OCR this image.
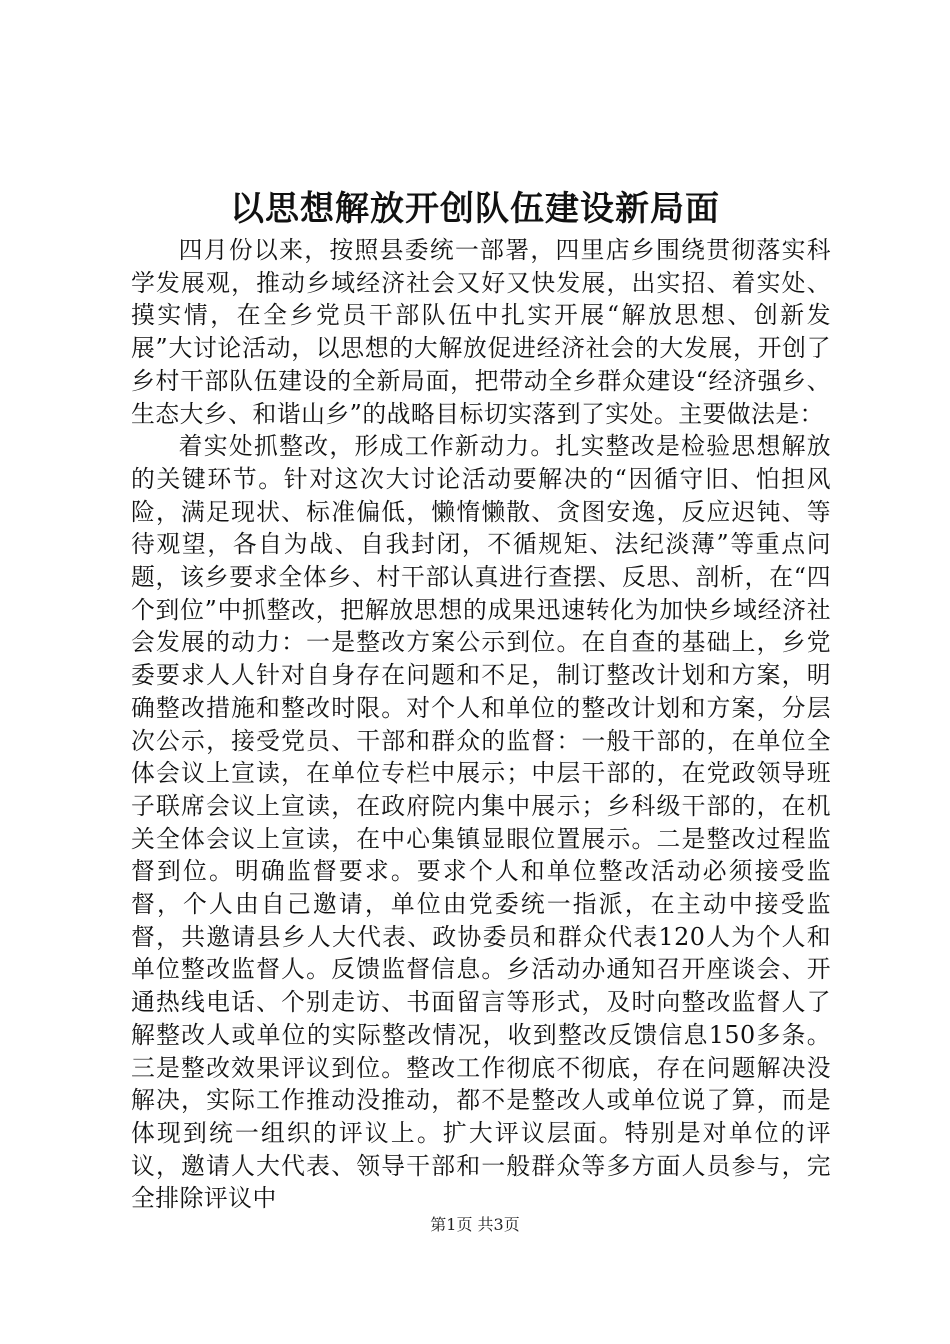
以思想解放开创队伍建设新局面

四月份以来，按照县委统一部署，四里店乡围绕贯彻落实科学发展观，推动乡域经济社会又好又快发展，出实招、着实处、摸实情，在全乡党员干部队伍中扎实开展“解放思想、创新发展”大讨论活动，以思想的大解放促进经济社会的大发展，开创了乡村干部队伍建设的全新局面，把带动全乡群众建设“经济强乡、生态大乡、和谐山乡”的战略目标切实落到了实处。主要做法是：

着实处抓整改，形成工作新动力。扎实整改是检验思想解放的关键环节。针对这次大讨论活动要解决的“因循守旧、怕担风险，满足现状、标准偏低，懒惰懒散、贪图安逸，反应迟钝、等待观望，各自为战、自我封闭，不循规矩、法纪淡薄”等重点问题，该乡要求全体乡、村干部认真进行查摆、反思、剖析，在“四个到位”中抓整改，把解放思想的成果迅速转化为加快乡域经济社会发展的动力：一是整改方案公示到位。在自查的基础上，乡党委要求人人针对自身存在问题和不足，制订整改计划和方案，明确整改措施和整改时限。对个人和单位的整改计划和方案，分层次公示，接受党员、干部和群众的监督：一般干部的，在单位全体会议上宣读，在单位专栏中展示；中层干部的，在党政领导班子联席会议上宣读，在政府院内集中展示；乡科级干部的，在机关全体会议上宣读，在中心集镇显眼位置展示。二是整改过程监督到位。明确监督要求。要求个人和单位整改活动必须接受监督，个人由自己邀请，单位由党委统一指派，在主动中接受监督，共邀请县乡人大代表、政协委员和群众代表120人为个人和单位整改监督人。反馈监督信息。乡活动办通知召开座谈会、开通热线电话、个别走访、书面留言等形式，及时向整改监督人了解整改人或单位的实际整改情况，收到整改反馈信息150多条。三是整改效果评议到位。整改工作彻底不彻底，存在问题解决没解决，实际工作推动没推动，都不是整改人或单位说了算，而是体现到统一组织的评议上。扩大评议层面。特别是对单位的评议，邀请人大代表、领导干部和一般群众等多方面人员参与，完全排除评议中

第1页 共3页
